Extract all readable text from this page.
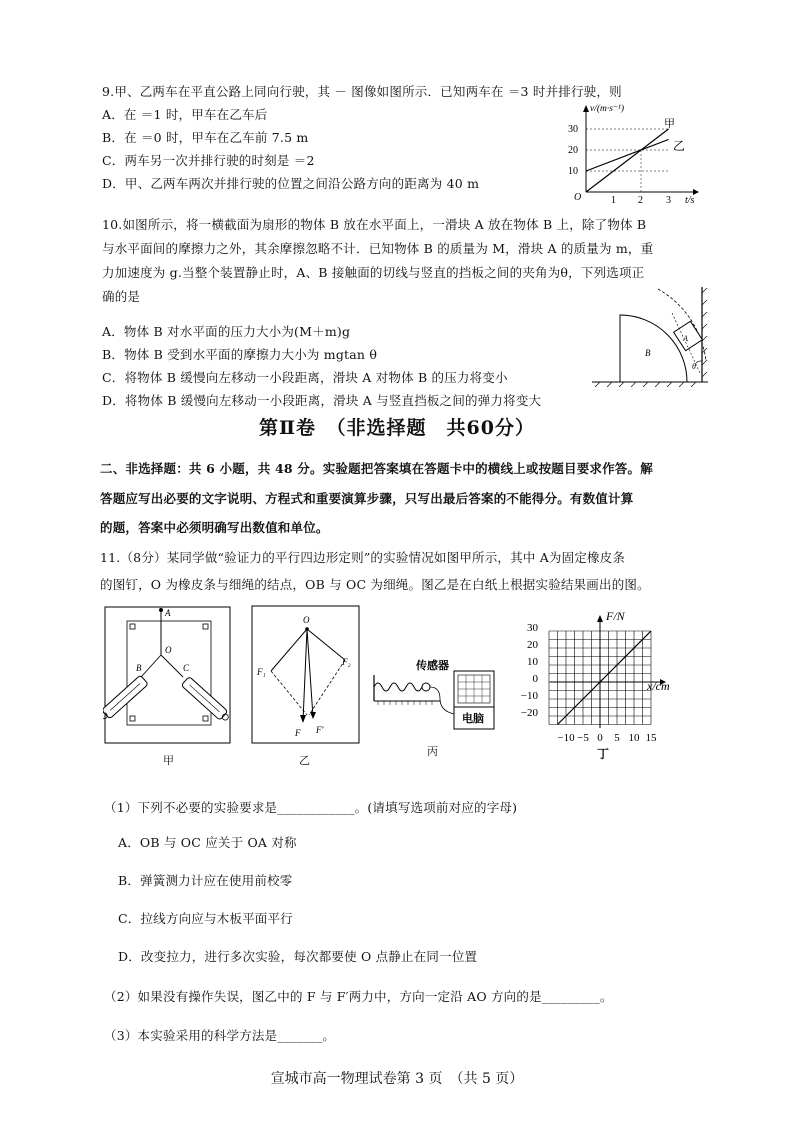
9.甲、乙两车在平直公路上同向行驶，其 － 图像如图所示．已知两车在 ＝3 时并排行驶，则
A．在 ＝1 时，甲车在乙车后
B．在 ＝0 时，甲车在乙车前 7.5 m
C．两车另一次并排行驶的时刻是 ＝2
D．甲、乙两车两次并排行驶的位置之间沿公路方向的距离为 40 m
v/(m·s⁻¹)
30
20
10
O	1 2 3 t/s
甲
乙
10.如图所示，将一横截面为扇形的物体 B 放在水平面上，一滑块 A 放在物体 B 上，除了物体 B
与水平面间的摩擦力之外，其余摩擦忽略不计．已知物体 B 的质量为 M，滑块 A 的质量为 m，重
力加速度为 g.当整个装置静止时，A、B 接触面的切线与竖直的挡板之间的夹角为θ，下列选项正
确的是
A．物体 B 对水平面的压力大小为(M＋m)g
B．物体 B 受到水平面的摩擦力大小为 mgtan θ
C．将物体 B 缓慢向左移动一小段距离，滑块 A 对物体 B 的压力将变小
D．将物体 B 缓慢向左移动一小段距离，滑块 A 与竖直挡板之间的弹力将变大
B
A
θ
第Ⅱ卷　（非选择题　共60分）
二、非选择题：共 6 小题，共 48 分。实验题把答案填在答题卡中的横线上或按题目要求作答。解
答题应写出必要的文字说明、方程式和重要演算步骤，只写出最后答案的不能得分。有数值计算
的题，答案中必须明确写出数值和单位。
11.（8分）某同学做“验证力的平行四边形定则”的实验情况如图甲所示，其中 A为固定橡皮条
的图钉，O 为橡皮条与细绳的结点，OB 与 OC 为细绳。图乙是在白纸上根据实验结果画出的图。
A
O
B	C
甲
O
F₁
F₂
F F′
乙
传感器
电脑
丙
F/N
x/cm
30
20
10
0
−10
−20
−10 −5 0 5 10 15
丁
（1）下列不必要的实验要求是____________。(请填写选项前对应的字母)
A．OB 与 OC 应关于 OA 对称
B．弹簧测力计应在使用前校零
C．拉线方向应与木板平面平行
D．改变拉力，进行多次实验，每次都要使 O 点静止在同一位置
（2）如果没有操作失误，图乙中的 F 与 F′两力中，方向一定沿 AO 方向的是_________。
（3）本实验采用的科学方法是_______。
宣城市高一物理试卷第 3 页　（共 5 页）
